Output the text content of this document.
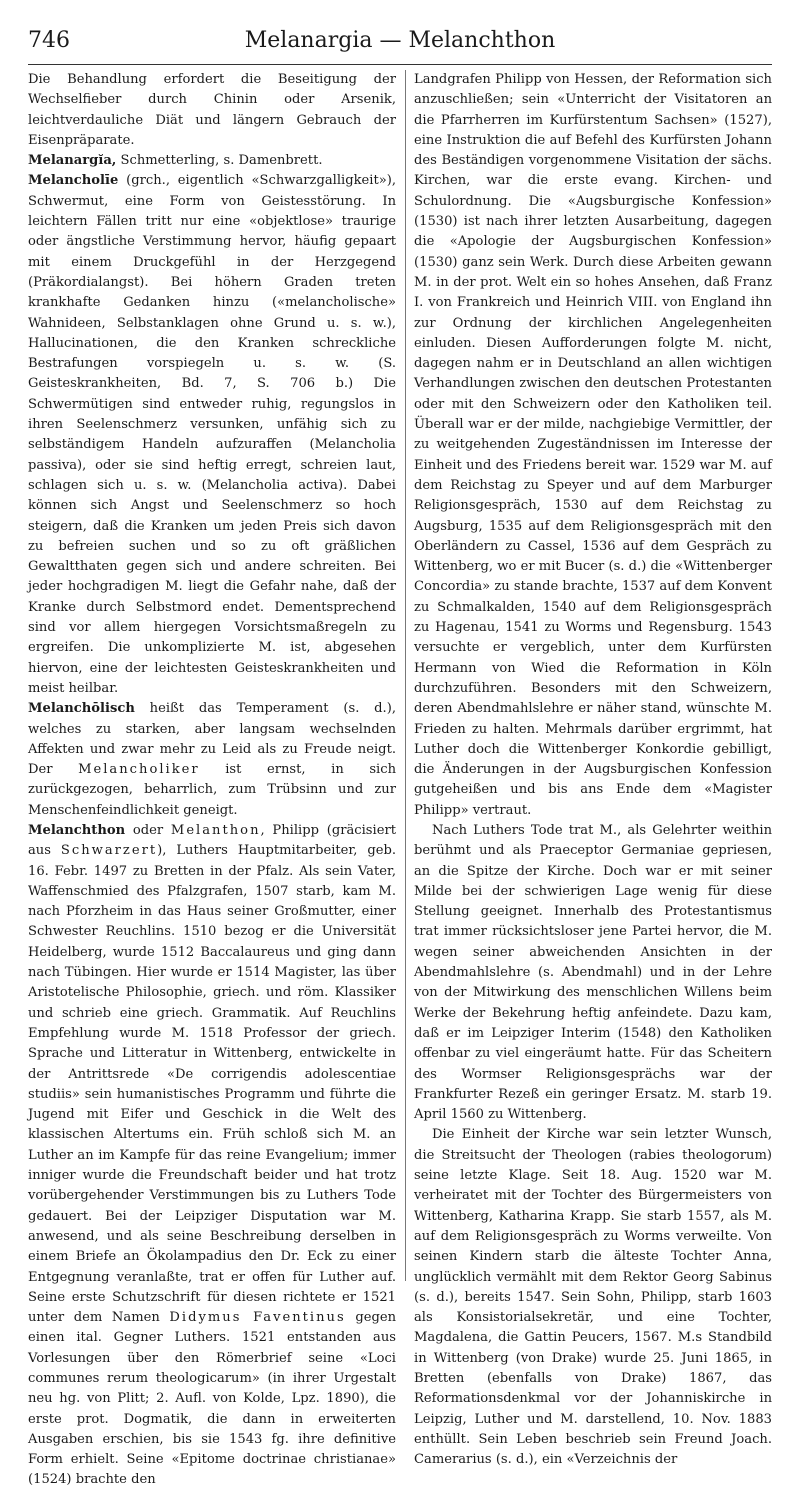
746	Melanargia — Melanchthon

Die Behandlung erfordert die Beseitigung der Wechselfieber durch Chinin oder Arsenik, leichtverdauliche Diät und längern Gebrauch der Eisenpräparate.

Melanargĭa, Schmetterling, s. Damenbrett.

Melancholīe (grch., eigentlich «Schwarzgalligkeit»), Schwermut, eine Form von Geistesstörung. In leichtern Fällen tritt nur eine «objektlose» traurige oder ängstliche Verstimmung hervor, häufig gepaart mit einem Druckgefühl in der Herzgegend (Präkordialangst). Bei höhern Graden treten krankhafte Gedanken hinzu («melancholische» Wahnideen, Selbstanklagen ohne Grund u. s. w.), Hallucinationen, die den Kranken schreckliche Bestrafungen vorspiegeln u. s. w. (S. Geisteskrankheiten, Bd. 7, S. 706 b.) Die Schwermütigen sind entweder ruhig, regungslos in ihren Seelenschmerz versunken, unfähig sich zu selbständigem Handeln aufzuraffen (Melancholia passiva), oder sie sind heftig erregt, schreien laut, schlagen sich u. s. w. (Melancholia activa). Dabei können sich Angst und Seelenschmerz so hoch steigern, daß die Kranken um jeden Preis sich davon zu befreien suchen und so zu oft gräßlichen Gewaltthaten gegen sich und andere schreiten. Bei jeder hochgradigen M. liegt die Gefahr nahe, daß der Kranke durch Selbstmord endet. Dementsprechend sind vor allem hiergegen Vorsichtsmaßregeln zu ergreifen. Die unkomplizierte M. ist, abgesehen hiervon, eine der leichtesten Geisteskrankheiten und meist heilbar.

Melanchōlisch heißt das Temperament (s. d.), welches zu starken, aber langsam wechselnden Affekten und zwar mehr zu Leid als zu Freude neigt. Der Melancholiker ist ernst, in sich zurückgezogen, beharrlich, zum Trübsinn und zur Menschenfeindlichkeit geneigt.

Melanchthon oder Melanthon, Philipp (gräcisiert aus Schwarzert), Luthers Hauptmitarbeiter, geb. 16. Febr. 1497 zu Bretten in der Pfalz. Als sein Vater, Waffenschmied des Pfalzgrafen, 1507 starb, kam M. nach Pforzheim in das Haus seiner Großmutter, einer Schwester Reuchlins. 1510 bezog er die Universität Heidelberg, wurde 1512 Baccalaureus und ging dann nach Tübingen. Hier wurde er 1514 Magister, las über Aristotelische Philosophie, griech. und röm. Klassiker und schrieb eine griech. Grammatik. Auf Reuchlins Empfehlung wurde M. 1518 Professor der griech. Sprache und Litteratur in Wittenberg, entwickelte in der Antrittsrede «De corrigendis adolescentiae studiis» sein humanistisches Programm und führte die Jugend mit Eifer und Geschick in die Welt des klassischen Altertums ein. Früh schloß sich M. an Luther an im Kampfe für das reine Evangelium; immer inniger wurde die Freundschaft beider und hat trotz vorübergehender Verstimmungen bis zu Luthers Tode gedauert. Bei der Leipziger Disputation war M. anwesend, und als seine Beschreibung derselben in einem Briefe an Ökolampadius den Dr. Eck zu einer Entgegnung veranlaßte, trat er offen für Luther auf. Seine erste Schutzschrift für diesen richtete er 1521 unter dem Namen Didymus Faventinus gegen einen ital. Gegner Luthers. 1521 entstanden aus Vorlesungen über den Römerbrief seine «Loci communes rerum theologicarum» (in ihrer Urgestalt neu hg. von Plitt; 2. Aufl. von Kolde, Lpz. 1890), die erste prot. Dogmatik, die dann in erweiterten Ausgaben erschien, bis sie 1543 fg. ihre definitive Form erhielt. Seine «Epitome doctrinae christianae» (1524) brachte den

Landgrafen Philipp von Hessen, der Reformation sich anzuschließen; sein «Unterricht der Visitatoren an die Pfarrherren im Kurfürstentum Sachsen» (1527), eine Instruktion die auf Befehl des Kurfürsten Johann des Beständigen vorgenommene Visitation der sächs. Kirchen, war die erste evang. Kirchen- und Schulordnung. Die «Augsburgische Konfession» (1530) ist nach ihrer letzten Ausarbeitung, dagegen die «Apologie der Augsburgischen Konfession» (1530) ganz sein Werk. Durch diese Arbeiten gewann M. in der prot. Welt ein so hohes Ansehen, daß Franz I. von Frankreich und Heinrich VIII. von England ihn zur Ordnung der kirchlichen Angelegenheiten einluden. Diesen Aufforderungen folgte M. nicht, dagegen nahm er in Deutschland an allen wichtigen Verhandlungen zwischen den deutschen Protestanten oder mit den Schweizern oder den Katholiken teil. Überall war er der milde, nachgiebige Vermittler, der zu weitgehenden Zugeständnissen im Interesse der Einheit und des Friedens bereit war. 1529 war M. auf dem Reichstag zu Speyer und auf dem Marburger Religionsgespräch, 1530 auf dem Reichstag zu Augsburg, 1535 auf dem Religionsgespräch mit den Oberländern zu Cassel, 1536 auf dem Gespräch zu Wittenberg, wo er mit Bucer (s. d.) die «Wittenberger Concordia» zu stande brachte, 1537 auf dem Konvent zu Schmalkalden, 1540 auf dem Religionsgespräch zu Hagenau, 1541 zu Worms und Regensburg. 1543 versuchte er vergeblich, unter dem Kurfürsten Hermann von Wied die Reformation in Köln durchzuführen. Besonders mit den Schweizern, deren Abendmahlslehre er näher stand, wünschte M. Frieden zu halten. Mehrmals darüber ergrimmt, hat Luther doch die Wittenberger Konkordie gebilligt, die Änderungen in der Augsburgischen Konfession gutgeheißen und bis ans Ende dem «Magister Philipp» vertraut.

Nach Luthers Tode trat M., als Gelehrter weithin berühmt und als Praeceptor Germaniae gepriesen, an die Spitze der Kirche. Doch war er mit seiner Milde bei der schwierigen Lage wenig für diese Stellung geeignet. Innerhalb des Protestantismus trat immer rücksichtsloser jene Partei hervor, die M. wegen seiner abweichenden Ansichten in der Abendmahlslehre (s. Abendmahl) und in der Lehre von der Mitwirkung des menschlichen Willens beim Werke der Bekehrung heftig anfeindete. Dazu kam, daß er im Leipziger Interim (1548) den Katholiken offenbar zu viel eingeräumt hatte. Für das Scheitern des Wormser Religionsgesprächs war der Frankfurter Rezeß ein geringer Ersatz. M. starb 19. April 1560 zu Wittenberg.

Die Einheit der Kirche war sein letzter Wunsch, die Streitsucht der Theologen (rabies theologorum) seine letzte Klage. Seit 18. Aug. 1520 war M. verheiratet mit der Tochter des Bürgermeisters von Wittenberg, Katharina Krapp. Sie starb 1557, als M. auf dem Religionsgespräch zu Worms verweilte. Von seinen Kindern starb die älteste Tochter Anna, unglücklich vermählt mit dem Rektor Georg Sabinus (s. d.), bereits 1547. Sein Sohn, Philipp, starb 1603 als Konsistorialsekretär, und eine Tochter, Magdalena, die Gattin Peucers, 1567. M.s Standbild in Wittenberg (von Drake) wurde 25. Juni 1865, in Bretten (ebenfalls von Drake) 1867, das Reformationsdenkmal vor der Johanniskirche in Leipzig, Luther und M. darstellend, 10. Nov. 1883 enthüllt. Sein Leben beschrieb sein Freund Joach. Camerarius (s. d.), ein «Verzeichnis der
